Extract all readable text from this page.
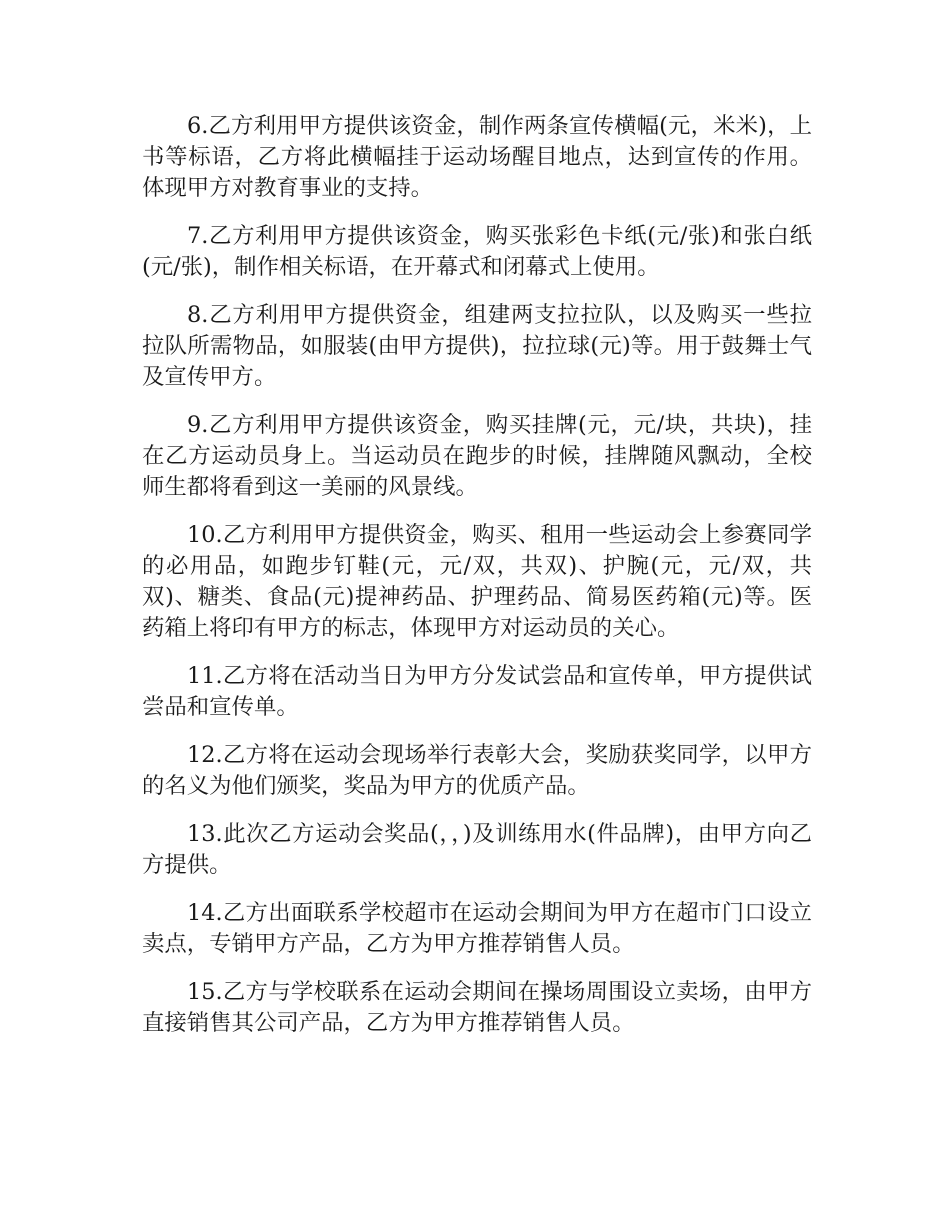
6.乙方利用甲方提供该资金，制作两条宣传横幅(元，米米)，上书等标语，乙方将此横幅挂于运动场醒目地点，达到宣传的作用。体现甲方对教育事业的支持。

7.乙方利用甲方提供该资金，购买张彩色卡纸(元/张)和张白纸(元/张)，制作相关标语，在开幕式和闭幕式上使用。

8.乙方利用甲方提供资金，组建两支拉拉队，以及购买一些拉拉队所需物品，如服装(由甲方提供)，拉拉球(元)等。用于鼓舞士气及宣传甲方。

9.乙方利用甲方提供该资金，购买挂牌(元，元/块，共块)，挂在乙方运动员身上。当运动员在跑步的时候，挂牌随风飘动，全校师生都将看到这一美丽的风景线。

10.乙方利用甲方提供资金，购买、租用一些运动会上参赛同学的必用品，如跑步钉鞋(元，元/双，共双)、护腕(元，元/双，共双)、糖类、食品(元)提神药品、护理药品、简易医药箱(元)等。医药箱上将印有甲方的标志，体现甲方对运动员的关心。

11.乙方将在活动当日为甲方分发试尝品和宣传单，甲方提供试尝品和宣传单。

12.乙方将在运动会现场举行表彰大会，奖励获奖同学，以甲方的名义为他们颁奖，奖品为甲方的优质产品。

13.此次乙方运动会奖品(，，)及训练用水(件品牌)，由甲方向乙方提供。

14.乙方出面联系学校超市在运动会期间为甲方在超市门口设立卖点，专销甲方产品，乙方为甲方推荐销售人员。

15.乙方与学校联系在运动会期间在操场周围设立卖场，由甲方直接销售其公司产品，乙方为甲方推荐销售人员。
